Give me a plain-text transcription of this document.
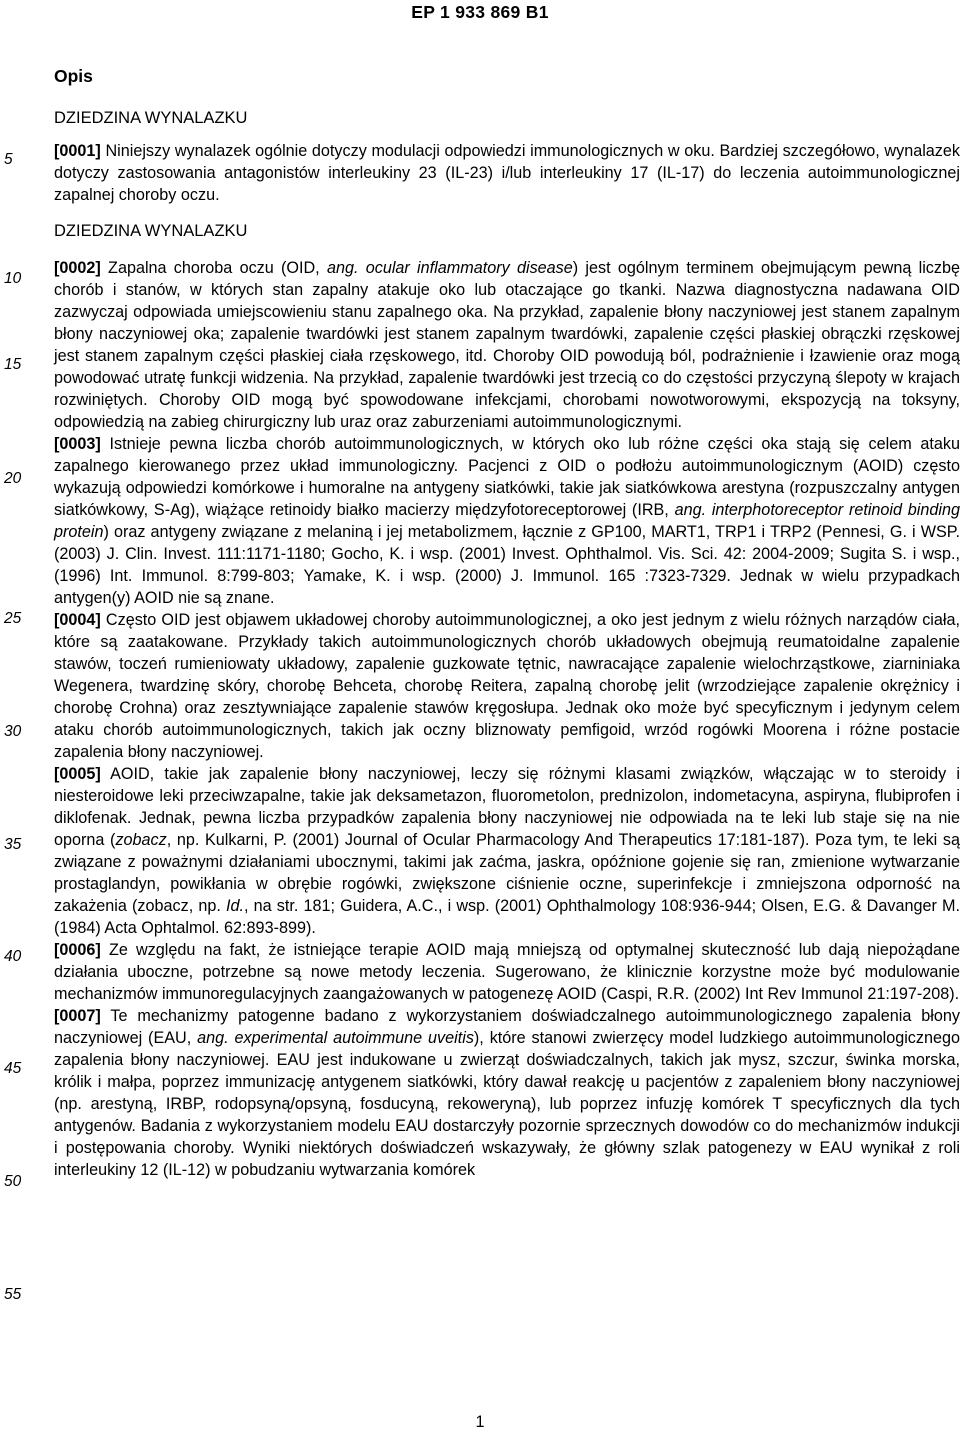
EP 1 933 869 B1
5
10
15
20
25
30
35
40
45
50
55
Opis
DZIEDZINA WYNALAZKU

[0001] Niniejszy wynalazek ogólnie dotyczy modulacji odpowiedzi immunologicznych w oku. Bardziej szczegółowo, wynalazek dotyczy zastosowania antagonistów interleukiny 23 (IL-23) i/lub interleukiny 17 (IL-17) do leczenia autoimmunologicznej zapalnej choroby oczu.

DZIEDZINA WYNALAZKU

[0002] Zapalna choroba oczu (OID, ang. ocular inflammatory disease) jest ogólnym terminem obejmującym pewną liczbę chorób i stanów, w których stan zapalny atakuje oko lub otaczające go tkanki. Nazwa diagnostyczna nadawana OID zazwyczaj odpowiada umiejscowieniu stanu zapalnego oka. Na przykład, zapalenie błony naczyniowej jest stanem zapalnym błony naczyniowej oka; zapalenie twardówki jest stanem zapalnym twardówki, zapalenie części płaskiej obrączki rzęskowej jest stanem zapalnym części płaskiej ciała rzęskowego, itd. Choroby OID powodują ból, podrażnienie i łzawienie oraz mogą powodować utratę funkcji widzenia. Na przykład, zapalenie twardówki jest trzecią co do częstości przyczyną ślepoty w krajach rozwiniętych. Choroby OID mogą być spowodowane infekcjami, chorobami nowotworowymi, ekspozycją na toksyny, odpowiedzią na zabieg chirurgiczny lub uraz oraz zaburzeniami autoimmunologicznymi.

[0003] Istnieje pewna liczba chorób autoimmunologicznych, w których oko lub różne części oka stają się celem ataku zapalnego kierowanego przez układ immunologiczny. Pacjenci z OID o podłożu autoimmunologicznym (AOID) często wykazują odpowiedzi komórkowe i humoralne na antygeny siatkówki, takie jak siatkówkowa arestyna (rozpuszczalny antygen siatkówkowy, S-Ag), wiążące retinoidy białko macierzy międzyfotoreceptorowej (IRB, ang. interphotoreceptor retinoid binding protein) oraz antygeny związane z melaniną i jej metabolizmem, łącznie z GP100, MART1, TRP1 i TRP2 (Pennesi, G. i WSP. (2003) J. Clin. Invest. 111:1171-1180; Gocho, K. i wsp. (2001) Invest. Ophthalmol. Vis. Sci. 42: 2004-2009; Sugita S. i wsp., (1996) Int. Immunol. 8:799-803; Yamake, K. i wsp. (2000) J. Immunol. 165 :7323-7329. Jednak w wielu przypadkach antygen(y) AOID nie są znane.

[0004] Często OID jest objawem układowej choroby autoimmunologicznej, a oko jest jednym z wielu różnych narządów ciała, które są zaatakowane. Przykłady takich autoimmunologicznych chorób układowych obejmują reumatoidalne zapalenie stawów, toczeń rumieniowaty układowy, zapalenie guzkowate tętnic, nawracające zapalenie wielochrząstkowe, ziarniniaka Wegenera, twardzinę skóry, chorobę Behceta, chorobę Reitera, zapalną chorobę jelit (wrzodziejące zapalenie okrężnicy i chorobę Crohna) oraz zesztywniające zapalenie stawów kręgosłupa. Jednak oko może być specyficznym i jedynym celem ataku chorób autoimmunologicznych, takich jak oczny bliznowaty pemfigoid, wrzód rogówki Moorena i różne postacie zapalenia błony naczyniowej.

[0005] AOID, takie jak zapalenie błony naczyniowej, leczy się różnymi klasami związków, włączając w to steroidy i niesteroidowe leki przeciwzapalne, takie jak deksametazon, fluorometolon, prednizolon, indometacyna, aspiryna, flubiprofen i diklofenak. Jednak, pewna liczba przypadków zapalenia błony naczyniowej nie odpowiada na te leki lub staje się na nie oporna (zobacz, np. Kulkarni, P. (2001) Journal of Ocular Pharmacology And Therapeutics 17:181-187). Poza tym, te leki są związane z poważnymi działaniami ubocznymi, takimi jak zaćma, jaskra, opóźnione gojenie się ran, zmienione wytwarzanie prostaglandyn, powikłania w obrębie rogówki, zwiększone ciśnienie oczne, superinfekcje i zmniejszona odporność na zakażenia (zobacz, np. Id., na str. 181; Guidera, A.C., i wsp. (2001) Ophthalmology 108:936-944; Olsen, E.G. & Davanger M. (1984) Acta Ophtalmol. 62:893-899).

[0006] Ze względu na fakt, że istniejące terapie AOID mają mniejszą od optymalnej skuteczność lub dają niepożądane działania uboczne, potrzebne są nowe metody leczenia. Sugerowano, że klinicznie korzystne może być modulowanie mechanizmów immunoregulacyjnych zaangażowanych w patogenezę AOID (Caspi, R.R. (2002) Int Rev Immunol 21:197-208).

[0007] Te mechanizmy patogenne badano z wykorzystaniem doświadczalnego autoimmunologicznego zapalenia błony naczyniowej (EAU, ang. experimental autoimmune uveitis), które stanowi zwierzęcy model ludzkiego autoimmunologicznego zapalenia błony naczyniowej. EAU jest indukowane u zwierząt doświadczalnych, takich jak mysz, szczur, świnka morska, królik i małpa, poprzez immunizację antygenem siatkówki, który dawał reakcję u pacjentów z zapaleniem błony naczyniowej (np. arestyną, IRBP, rodopsyną/opsyną, fosducyną, rekoweryną), lub poprzez infuzję komórek T specyficznych dla tych antygenów. Badania z wykorzystaniem modelu EAU dostarczyły pozornie sprzecznych dowodów co do mechanizmów indukcji i postępowania choroby. Wyniki niektórych doświadczeń wskazywały, że główny szlak patogenezy w EAU wynikał z roli interleukiny 12 (IL-12) w pobudzaniu wytwarzania komórek

1
